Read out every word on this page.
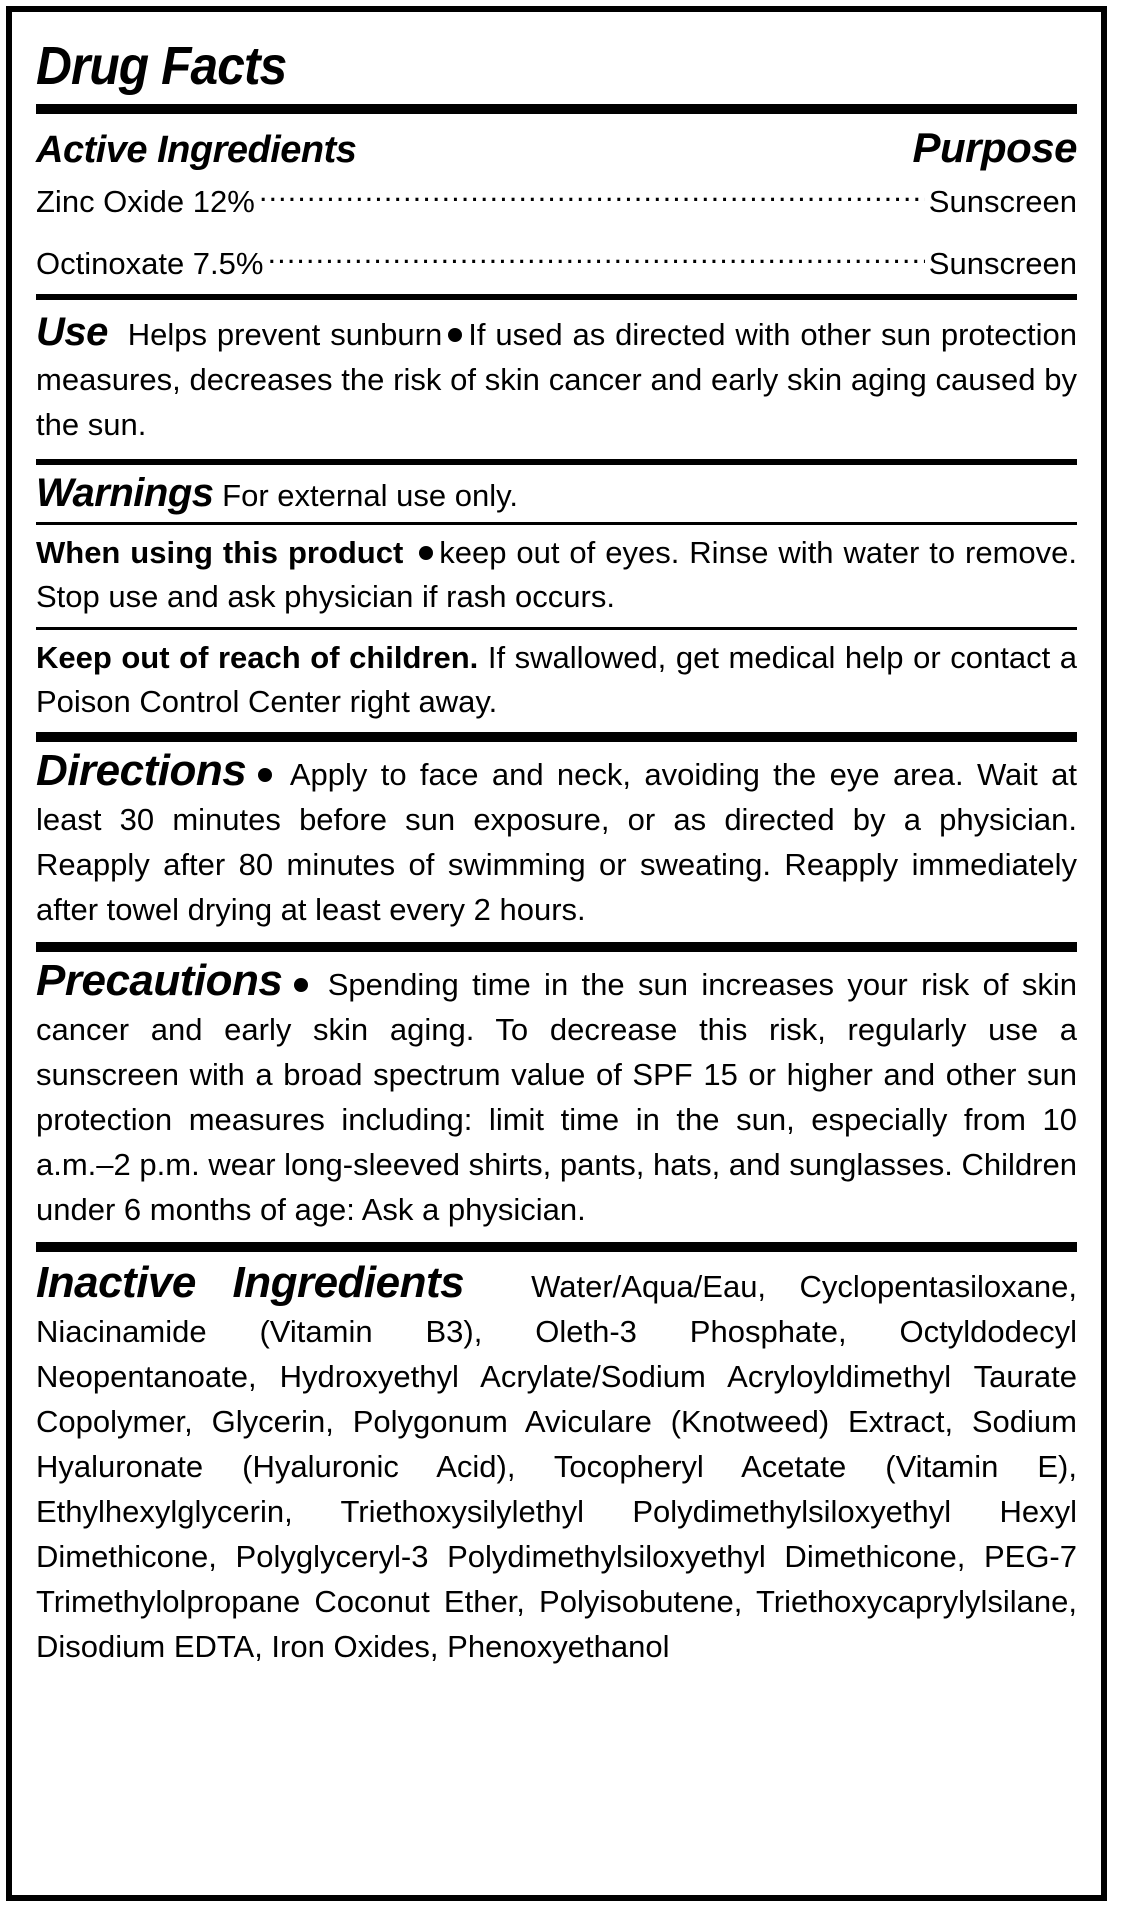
Drug Facts
Active Ingredients	Purpose
Zinc Oxide 12% .....	Sunscreen
Octinoxate 7.5% .....	Sunscreen
Use Helps prevent sunburn If used as directed with other sun protection measures, decreases the risk of skin cancer and early skin aging caused by the sun.
Warnings For external use only.
When using this product keep out of eyes. Rinse with water to remove. Stop use and ask physician if rash occurs.
Keep out of reach of children. If swallowed, get medical help or contact a Poison Control Center right away.
Directions Apply to face and neck, avoiding the eye area. Wait at least 30 minutes before sun exposure, or as directed by a physician. Reapply after 80 minutes of swimming or sweating. Reapply immediately after towel drying at least every 2 hours.
Precautions Spending time in the sun increases your risk of skin cancer and early skin aging. To decrease this risk, regularly use a sunscreen with a broad spectrum value of SPF 15 or higher and other sun protection measures including: limit time in the sun, especially from 10 a.m.–2 p.m. wear long-sleeved shirts, pants, hats, and sunglasses. Children under 6 months of age: Ask a physician.
Inactive Ingredients Water/Aqua/Eau, Cyclopentasiloxane, Niacinamide (Vitamin B3), Oleth-3 Phosphate, Octyldodecyl Neopentanoate, Hydroxyethyl Acrylate/Sodium Acryloyldimethyl Taurate Copolymer, Glycerin, Polygonum Aviculare (Knotweed) Extract, Sodium Hyaluronate (Hyaluronic Acid), Tocopheryl Acetate (Vitamin E), Ethylhexylglycerin, Triethoxysilylethyl Polydimethylsiloxyethyl Hexyl Dimethicone, Polyglyceryl-3 Polydimethylsiloxyethyl Dimethicone, PEG-7 Trimethylolpropane Coconut Ether, Polyisobutene, Triethoxycaprylylsilane, Disodium EDTA, Iron Oxides, Phenoxyethanol
